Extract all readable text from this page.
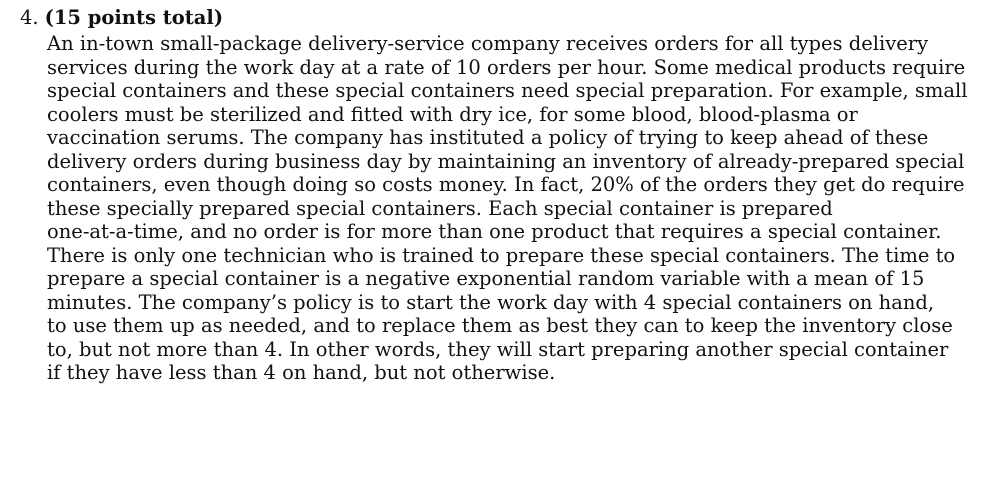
4. (15 points total)
An in-town small-package delivery-service company receives orders for all types delivery
services during the work day at a rate of 10 orders per hour. Some medical products require
special containers and these special containers need special preparation. For example, small
coolers must be sterilized and fitted with dry ice, for some blood, blood-plasma or
vaccination serums. The company has instituted a policy of trying to keep ahead of these
delivery orders during business day by maintaining an inventory of already-prepared special
containers, even though doing so costs money. In fact, 20% of the orders they get do require
these specially prepared special containers. Each special container is prepared
one-at-a-time, and no order is for more than one product that requires a special container.
There is only one technician who is trained to prepare these special containers. The time to
prepare a special container is a negative exponential random variable with a mean of 15
minutes. The company’s policy is to start the work day with 4 special containers on hand,
to use them up as needed, and to replace them as best they can to keep the inventory close
to, but not more than 4. In other words, they will start preparing another special container
if they have less than 4 on hand, but not otherwise.
